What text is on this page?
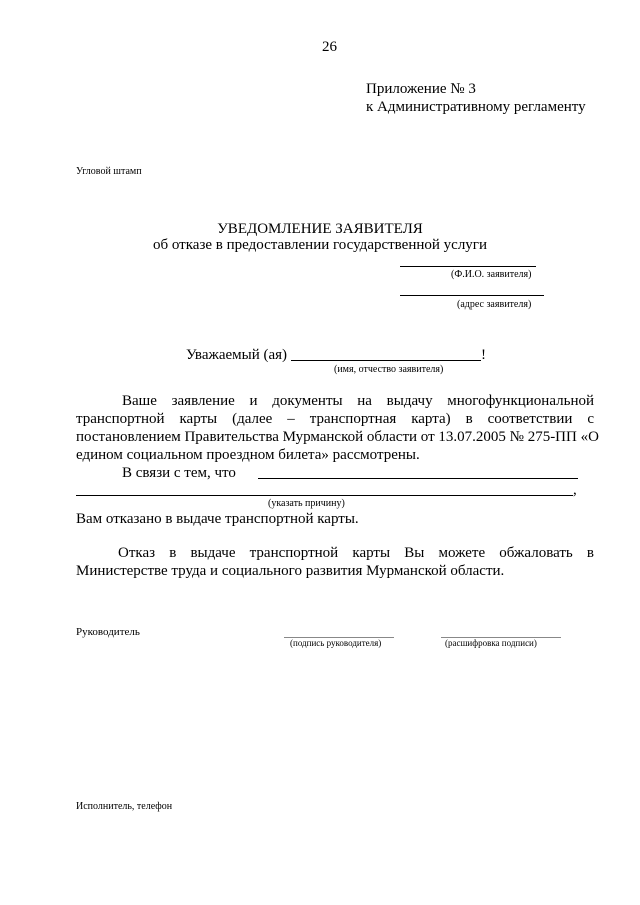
26
Приложение № 3
к Административному регламенту
Угловой штамп
УВЕДОМЛЕНИЕ ЗАЯВИТЕЛЯ
об отказе в предоставлении государственной услуги
(Ф.И.О. заявителя)
(адрес заявителя)
Уважаемый (ая)	!
(имя, отчество заявителя)
Ваше заявление и документы на выдачу многофункциональной
транспортной карты (далее – транспортная карта) в соответствии с
постановлением Правительства Мурманской области от 13.07.2005 № 275-ПП «О
едином социальном проездном билета» рассмотрены.
В связи с тем, что
,
(указать причину)
Вам отказано в выдаче транспортной карты.
Отказ в выдаче транспортной карты Вы можете обжаловать в
Министерстве труда и социального развития Мурманской области.
Руководитель
(подпись руководителя)	(расшифровка подписи)
Исполнитель, телефон
